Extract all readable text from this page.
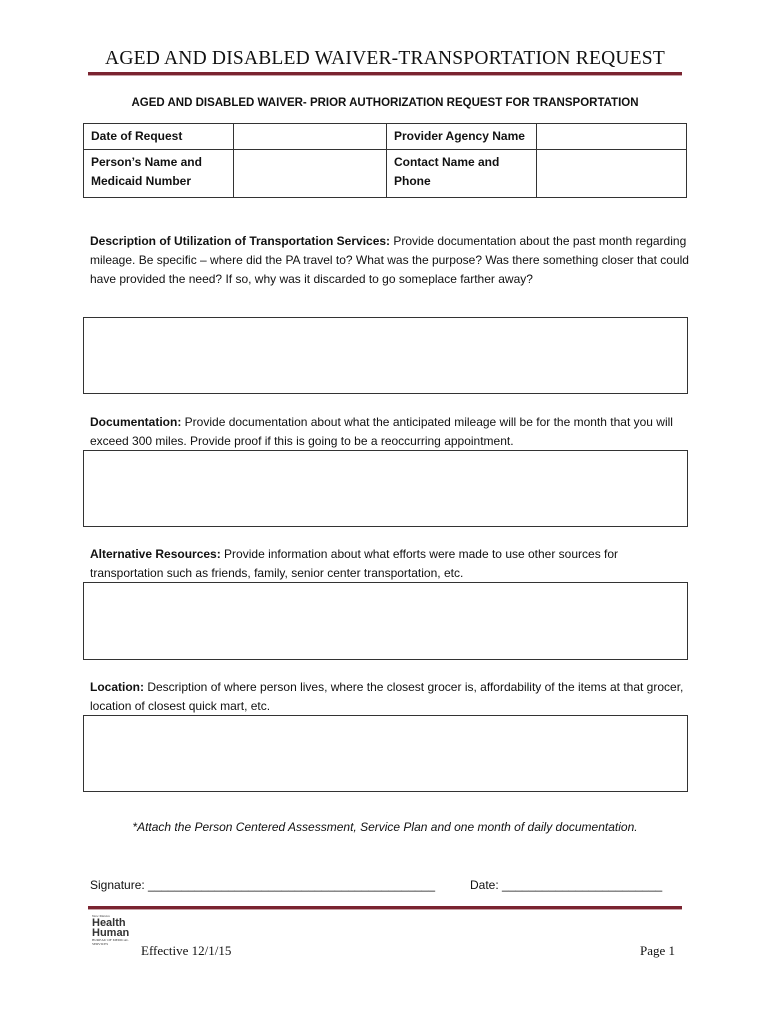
AGED AND DISABLED WAIVER-TRANSPORTATION REQUEST
AGED AND DISABLED WAIVER- PRIOR AUTHORIZATION REQUEST FOR TRANSPORTATION
Date of Request		Provider Agency Name	
Person’s Name and
Medicaid Number		Contact Name and
Phone	
Description of Utilization of Transportation Services: Provide documentation about the past month regarding mileage. Be specific – where did the PA travel to? What was the purpose? Was there something closer that could have provided the need? If so, why was it discarded to go someplace farther away?
Documentation: Provide documentation about what the anticipated mileage will be for the month that you will exceed 300 miles. Provide proof if this is going to be a reoccurring appointment.
Alternative Resources: Provide information about what efforts were made to use other sources for transportation such as friends, family, senior center transportation, etc.
Location: Description of where person lives, where the closest grocer is, affordability of the items at that grocer, location of closest quick mart, etc.
*Attach the Person Centered Assessment, Service Plan and one month of daily documentation.
Signature: ___________________________________________	Date: ________________________
New Mexico
Health
Human
BUREAU OF MEDICAL SERVICES	Effective 12/1/15	Page 1
